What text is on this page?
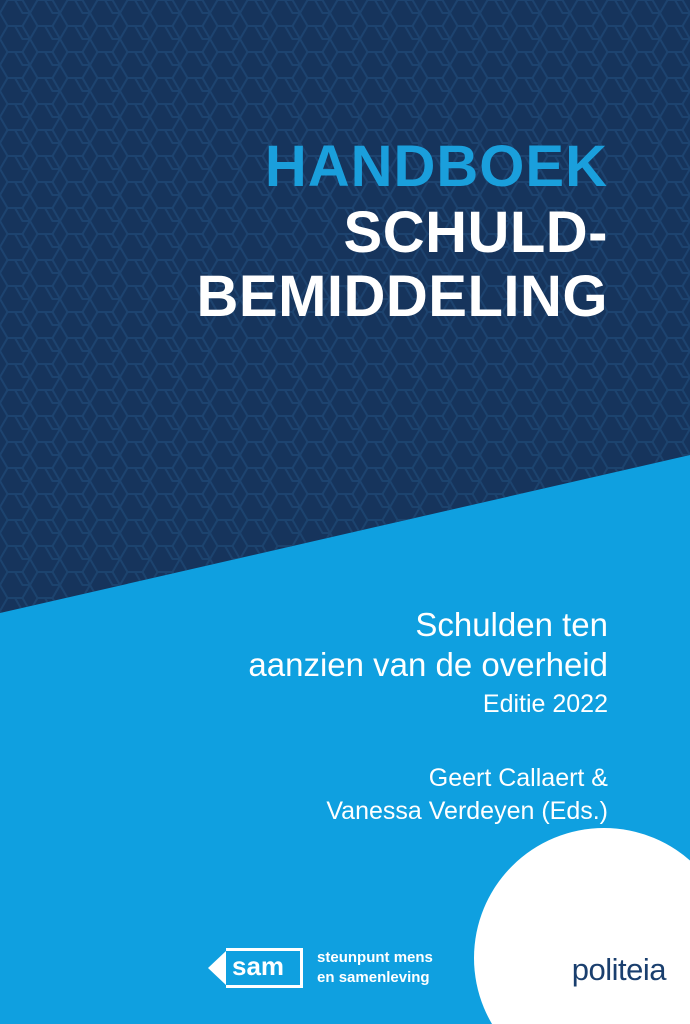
HANDBOEK
SCHULD-
BEMIDDELING
Schulden ten
aanzien van de overheid
Editie 2022
Geert Callaert &
Vanessa Verdeyen (Eds.)
sam	steunpunt mens
en samenleving	politeia
